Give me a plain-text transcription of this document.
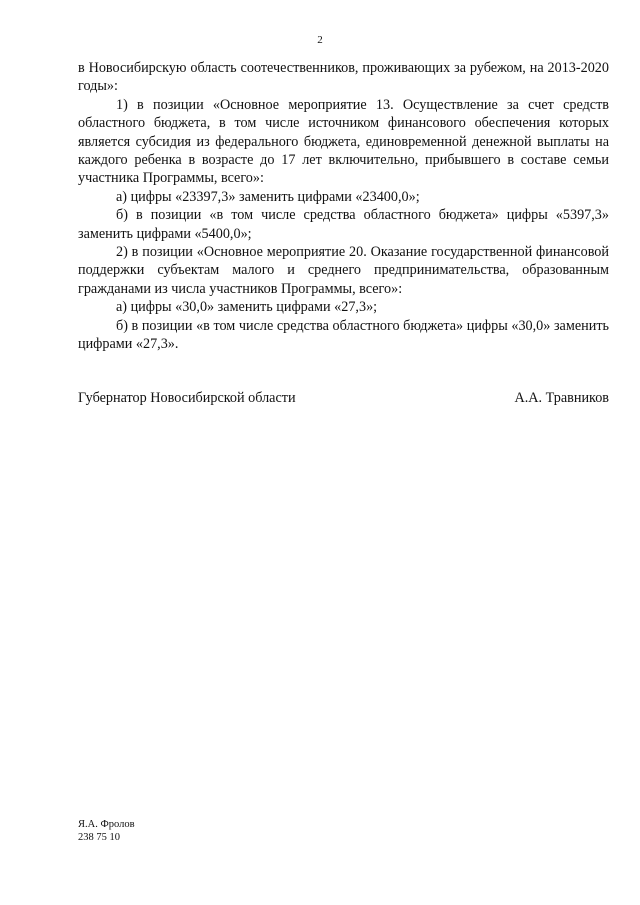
2

в Новосибирскую область соотечественников, проживающих за рубежом, на 2013-2020 годы»:

1) в позиции «Основное мероприятие 13. Осуществление за счет средств областного бюджета, в том числе источником финансового обеспечения которых является субсидия из федерального бюджета, единовременной денежной выплаты на каждого ребенка в возрасте до 17 лет включительно, прибывшего в составе семьи участника Программы, всего»:

а) цифры «23397,3» заменить цифрами «23400,0»;

б) в позиции «в том числе средства областного бюджета» цифры «5397,3» заменить цифрами «5400,0»;

2) в позиции «Основное мероприятие 20. Оказание государственной финансовой поддержки субъектам малого и среднего предпринимательства, образованным гражданами из числа участников Программы, всего»:

а) цифры «30,0» заменить цифрами «27,3»;

б) в позиции «в том числе средства областного бюджета» цифры «30,0» заменить цифрами «27,3».

Губернатор Новосибирской области	А.А. Травников
Я.А. Фролов
238 75 10
